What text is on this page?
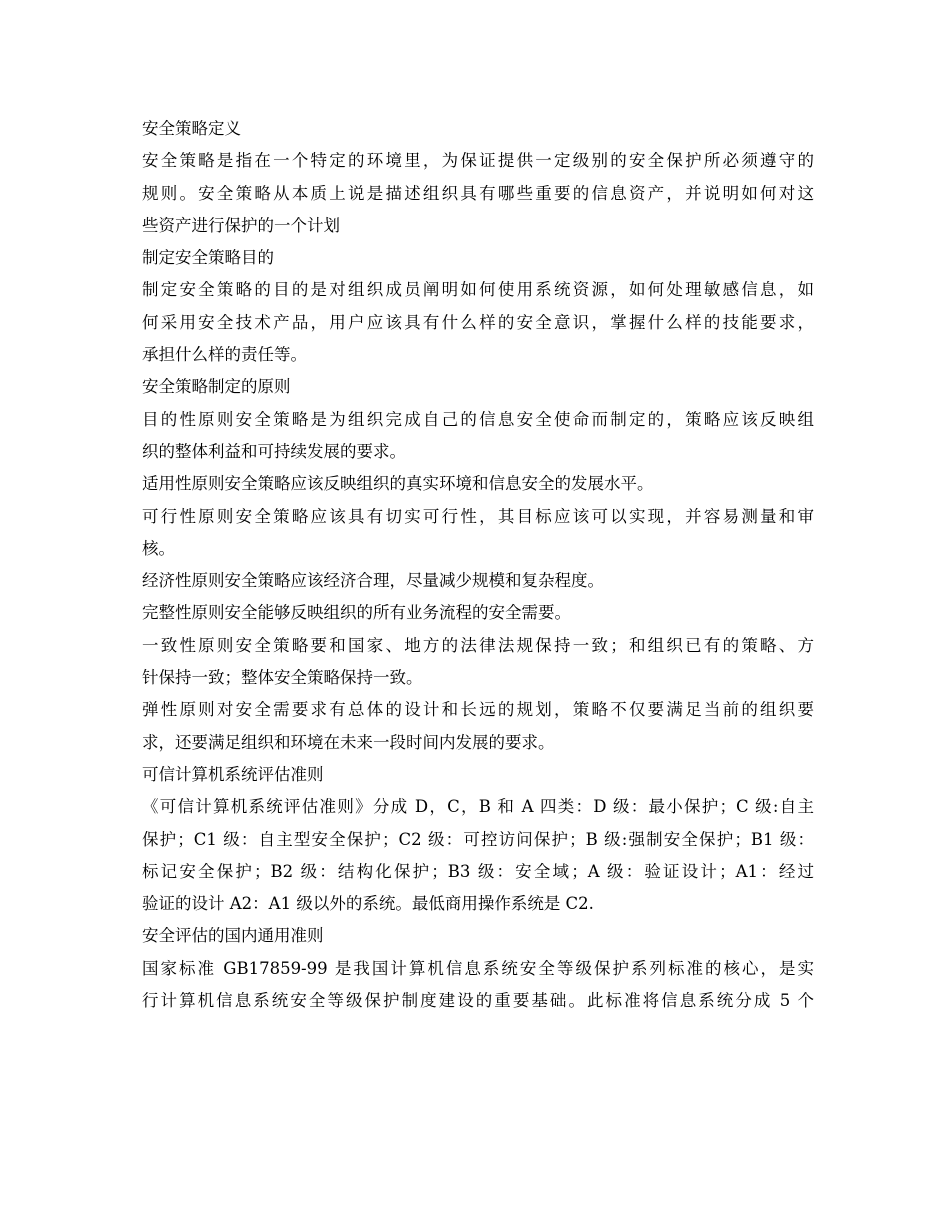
安全策略定义
安全策略是指在一个特定的环境里，为保证提供一定级别的安全保护所必须遵守的
规则。安全策略从本质上说是描述组织具有哪些重要的信息资产，并说明如何对这
些资产进行保护的一个计划
制定安全策略目的
制定安全策略的目的是对组织成员阐明如何使用系统资源，如何处理敏感信息，如
何采用安全技术产品，用户应该具有什么样的安全意识，掌握什么样的技能要求，
承担什么样的责任等。
安全策略制定的原则
目的性原则安全策略是为组织完成自己的信息安全使命而制定的，策略应该反映组
织的整体利益和可持续发展的要求。
适用性原则安全策略应该反映组织的真实环境和信息安全的发展水平。
可行性原则安全策略应该具有切实可行性，其目标应该可以实现，并容易测量和审
核。
经济性原则安全策略应该经济合理，尽量减少规模和复杂程度。
完整性原则安全能够反映组织的所有业务流程的安全需要。
一致性原则安全策略要和国家、地方的法律法规保持一致；和组织已有的策略、方
针保持一致；整体安全策略保持一致。
弹性原则对安全需要求有总体的设计和长远的规划，策略不仅要满足当前的组织要
求，还要满足组织和环境在未来一段时间内发展的要求。
可信计算机系统评估准则
《可信计算机系统评估准则》分成 D，C，B 和 A 四类：D 级：最小保护；C 级:自主
保护；C1 级：自主型安全保护；C2 级：可控访问保护；B 级:强制安全保护；B1 级：
标记安全保护；B2 级：结构化保护；B3 级：安全域；A 级：验证设计；A1：经过
验证的设计 A2：A1 级以外的系统。最低商用操作系统是 C2.
安全评估的国内通用准则
国家标准 GB17859-99 是我国计算机信息系统安全等级保护系列标准的核心，是实
行计算机信息系统安全等级保护制度建设的重要基础。此标准将信息系统分成 5 个
